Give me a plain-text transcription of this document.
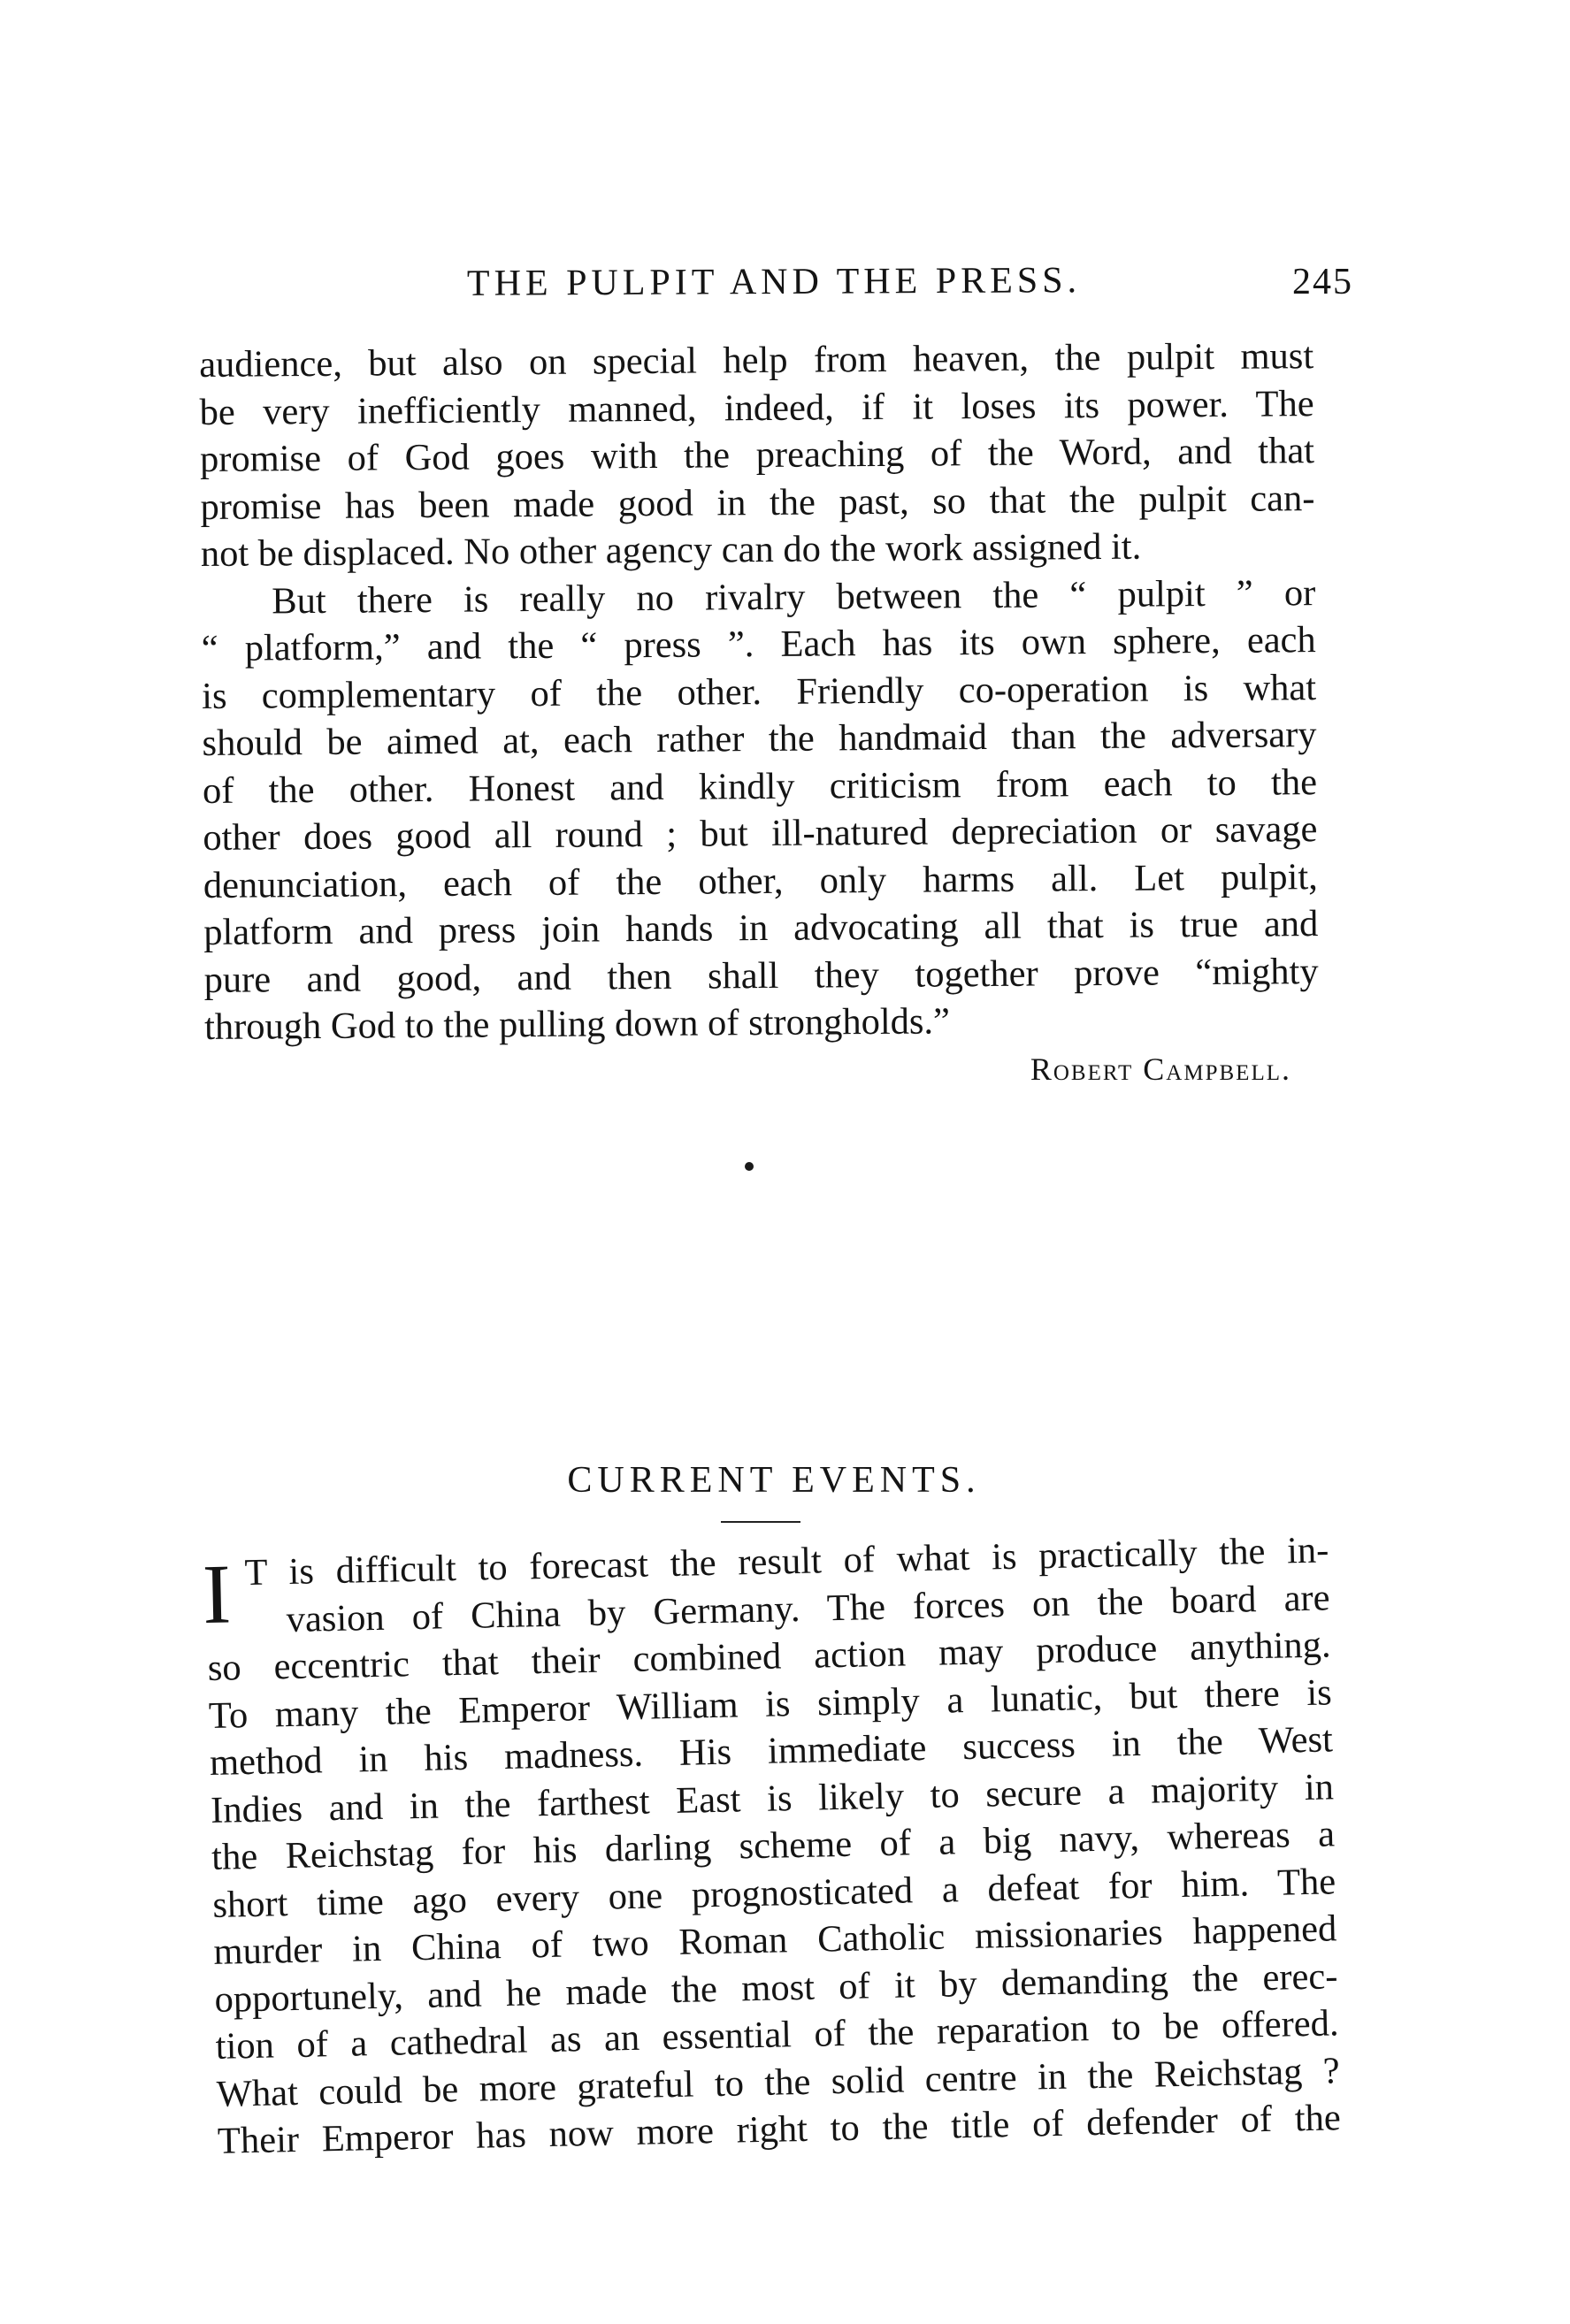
THE PULPIT AND THE PRESS.	245
audience, but also on special help from heaven, the pulpit must
be very inefficiently manned, indeed, if it loses its power. The
promise of God goes with the preaching of the Word, and that
promise has been made good in the past, so that the pulpit can-
not be displaced. No other agency can do the work assigned it.
But there is really no rivalry between the “ pulpit ” or
“ platform,” and the “ press ”. Each has its own sphere, each
is complementary of the other. Friendly co-operation is what
should be aimed at, each rather the handmaid than the adversary
of the other. Honest and kindly criticism from each to the
other does good all round ; but ill-natured depreciation or savage
denunciation, each of the other, only harms all. Let pulpit,
platform and press join hands in advocating all that is true and
pure and good, and then shall they together prove “mighty
through God to the pulling down of strongholds.”
Robert Campbell.
CURRENT EVENTS.
I T is difficult to forecast the result of what is practically the in-
vasion of China by Germany. The forces on the board are
so eccentric that their combined action may produce anything.
To many the Emperor William is simply a lunatic, but there is
method in his madness. His immediate success in the West
Indies and in the farthest East is likely to secure a majority in
the Reichstag for his darling scheme of a big navy, whereas a
short time ago every one prognosticated a defeat for him. The
murder in China of two Roman Catholic missionaries happened
opportunely, and he made the most of it by demanding the erec-
tion of a cathedral as an essential of the reparation to be offered.
What could be more grateful to the solid centre in the Reichstag ?
Their Emperor has now more right to the title of defender of the
